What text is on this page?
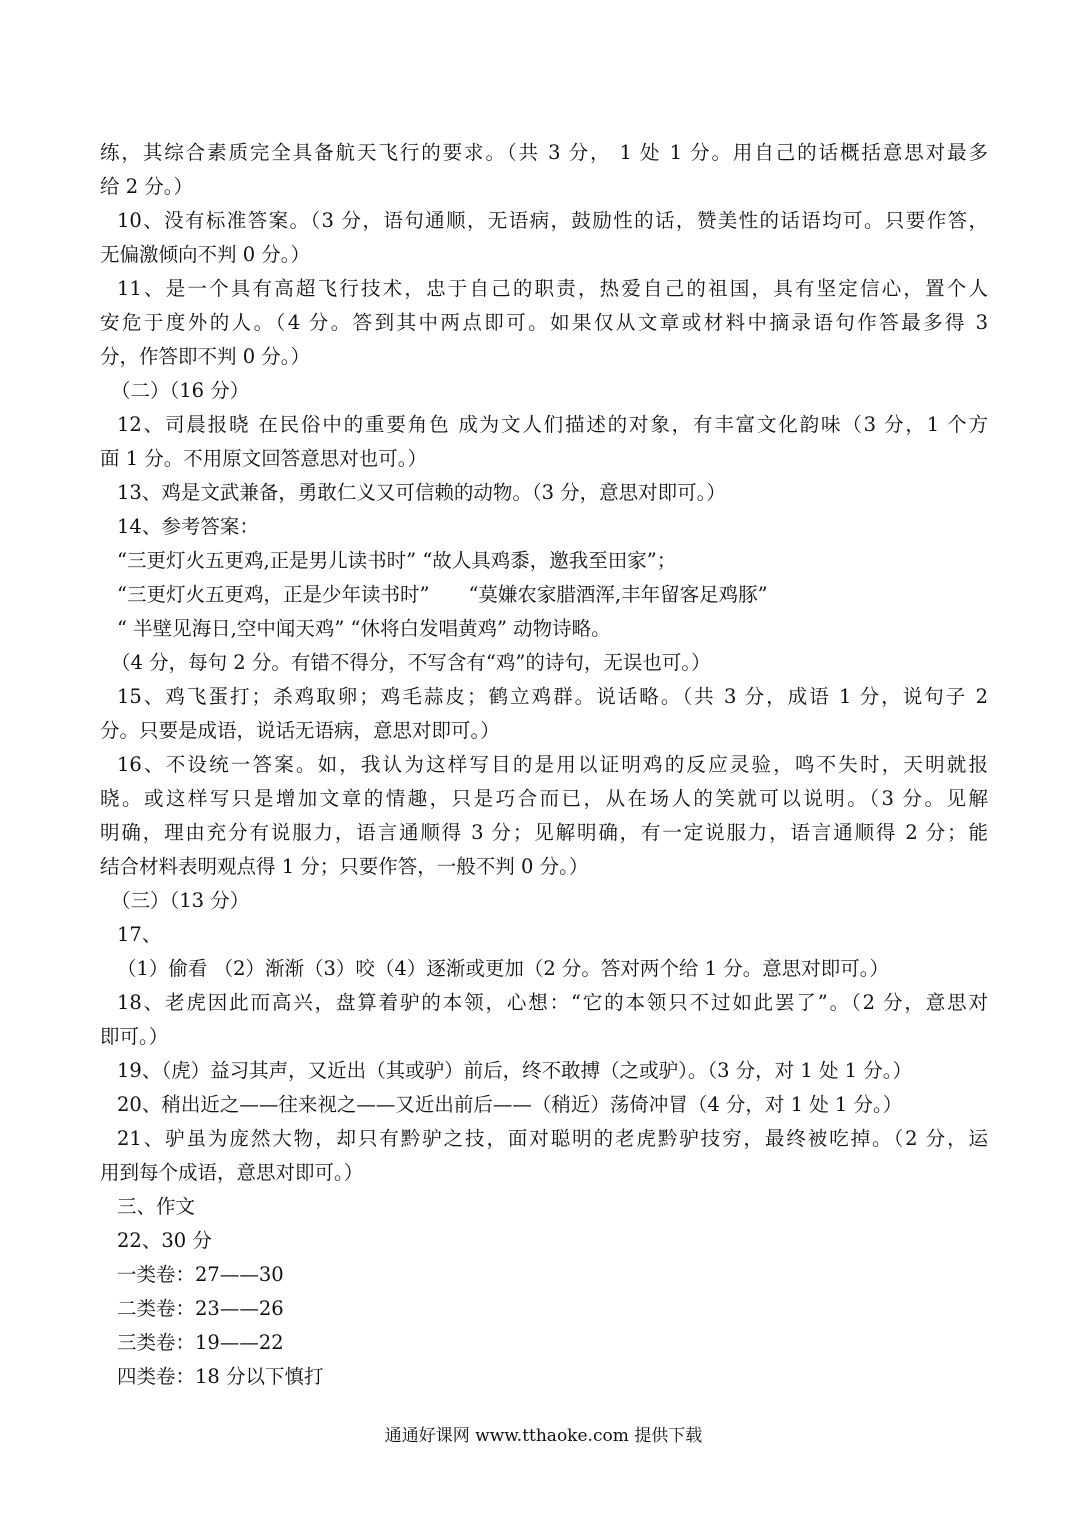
练，其综合素质完全具备航天飞行的要求。（共 3 分， 1 处 1 分。用自己的话概括意思对最多
给 2 分。）
10、没有标准答案。（3 分，语句通顺，无语病，鼓励性的话，赞美性的话语均可。只要作答，
无偏激倾向不判 0 分。）
11、是一个具有高超飞行技术，忠于自己的职责，热爱自己的祖国，具有坚定信心，置个人
安危于度外的人。（4 分。答到其中两点即可。如果仅从文章或材料中摘录语句作答最多得 3
分，作答即不判 0 分。）
（二）（16 分）
12、司晨报晓 在民俗中的重要角色 成为文人们描述的对象，有丰富文化韵味（3 分，1 个方
面 1 分。不用原文回答意思对也可。）
13、鸡是文武兼备，勇敢仁义又可信赖的动物。（3 分，意思对即可。）
14、参考答案：
“三更灯火五更鸡,正是男儿读书时” “故人具鸡黍，邀我至田家”；
“三更灯火五更鸡，正是少年读书时”　　“莫嫌农家腊酒浑,丰年留客足鸡豚”
“ 半壁见海日,空中闻天鸡” “休将白发唱黄鸡” 动物诗略。
（4 分，每句 2 分。有错不得分，不写含有“鸡”的诗句，无误也可。）
15、鸡飞蛋打；杀鸡取卵；鸡毛蒜皮；鹤立鸡群。说话略。（共 3 分，成语 1 分，说句子 2
分。只要是成语，说话无语病，意思对即可。）
16、不设统一答案。如，我认为这样写目的是用以证明鸡的反应灵验，鸣不失时，天明就报
晓。或这样写只是增加文章的情趣，只是巧合而已，从在场人的笑就可以说明。（3 分。见解
明确，理由充分有说服力，语言通顺得 3 分；见解明确，有一定说服力，语言通顺得 2 分；能
结合材料表明观点得 1 分；只要作答，一般不判 0 分。）
（三）（13 分）
17、
（1）偷看 （2）渐渐（3）咬（4）逐渐或更加（2 分。答对两个给 1 分。意思对即可。）
18、老虎因此而高兴，盘算着驴的本领，心想：“它的本领只不过如此罢了”。（2 分，意思对
即可。）
19、（虎）益习其声，又近出（其或驴）前后，终不敢搏（之或驴）。（3 分，对 1 处 1 分。）
20、稍出近之——往来视之——又近出前后——（稍近）荡倚冲冒（4 分，对 1 处 1 分。）
21、驴虽为庞然大物，却只有黔驴之技，面对聪明的老虎黔驴技穷，最终被吃掉。（2 分，运
用到每个成语，意思对即可。）
三、作文
22、30 分
一类卷：27——30
二类卷：23——26
三类卷：19——22
四类卷：18 分以下慎打
通通好课网 www.tthaoke.com 提供下载
